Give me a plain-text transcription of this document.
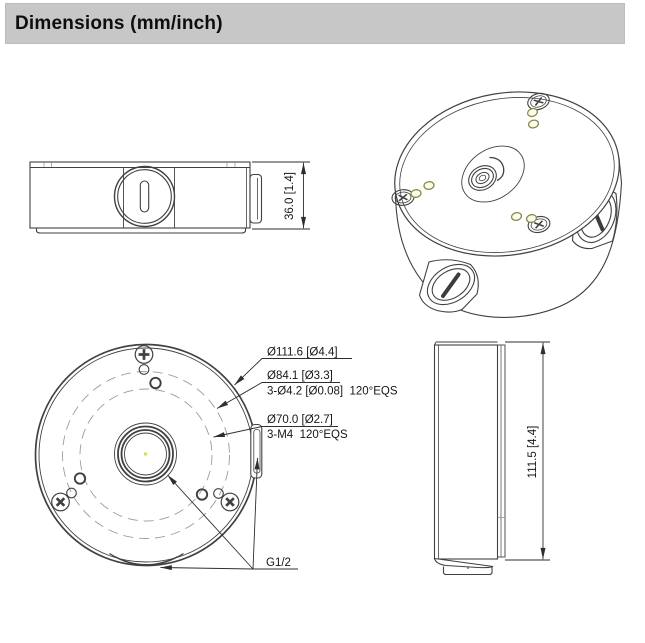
Dimensions (mm/inch)
36.0 [1.4]
Ø111.6 [Ø4.4]
Ø84.1 [Ø3.3]
3-Ø4.2 [Ø0.08]  120°EQS
Ø70.0 [Ø2.7]
3-M4  120°EQS
G1/2
111.5 [4.4]
